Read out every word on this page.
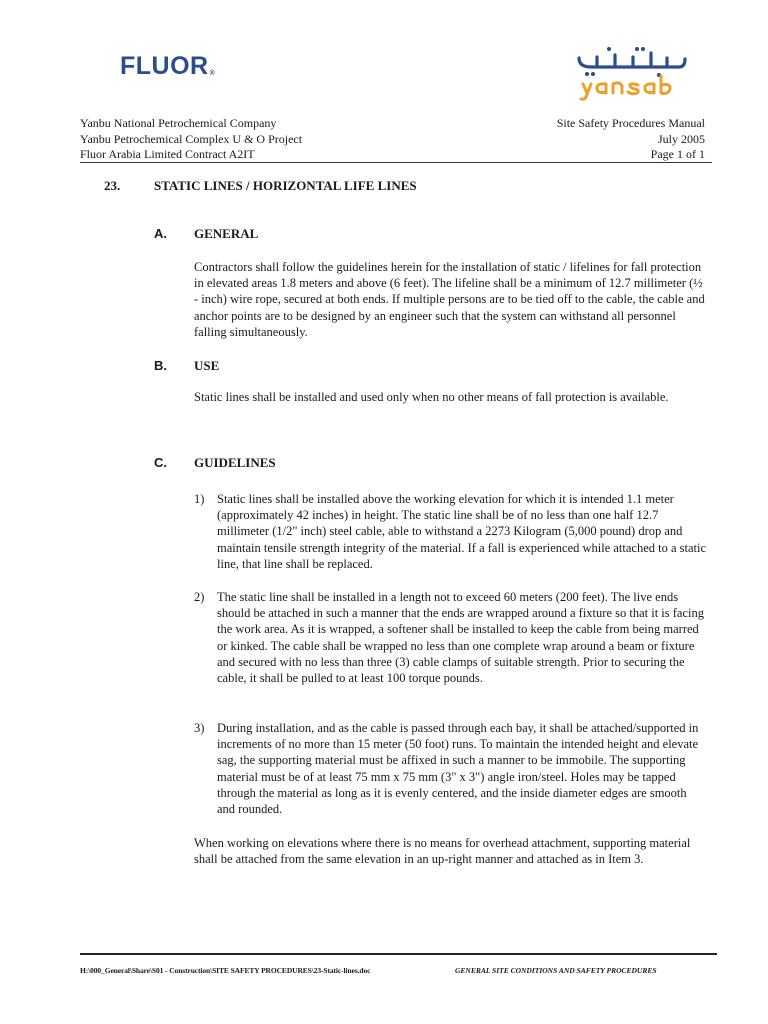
FLUOR®
Yanbu National Petrochemical Company
Yanbu Petrochemical Complex U & O Project
Fluor Arabia Limited Contract A2IT
Site Safety Procedures Manual
July 2005
Page 1 of 1
23.	STATIC LINES / HORIZONTAL LIFE LINES
A. GENERAL

Contractors shall follow the guidelines herein for the installation of static / lifelines for fall protection in elevated areas 1.8 meters and above (6 feet). The lifeline shall be a minimum of 12.7 millimeter (½ - inch) wire rope, secured at both ends. If multiple persons are to be tied off to the cable, the cable and anchor points are to be designed by an engineer such that the system can withstand all personnel falling simultaneously.

B. USE

Static lines shall be installed and used only when no other means of fall protection is available.

C. GUIDELINES
1) Static lines shall be installed above the working elevation for which it is intended 1.1 meter (approximately 42 inches) in height. The static line shall be of no less than one half 12.7 millimeter (1/2" inch) steel cable, able to withstand a 2273 Kilogram (5,000 pound) drop and maintain tensile strength integrity of the material. If a fall is experienced while attached to a static line, that line shall be replaced.

2) The static line shall be installed in a length not to exceed 60 meters (200 feet). The live ends should be attached in such a manner that the ends are wrapped around a fixture so that it is facing the work area. As it is wrapped, a softener shall be installed to keep the cable from being marred or kinked. The cable shall be wrapped no less than one complete wrap around a beam or fixture and secured with no less than three (3) cable clamps of suitable strength. Prior to securing the cable, it shall be pulled to at least 100 torque pounds.

3) During installation, and as the cable is passed through each bay, it shall be attached/supported in increments of no more than 15 meter (50 foot) runs. To maintain the intended height and elevate sag, the supporting material must be affixed in such a manner to be immobile. The supporting material must be of at least 75 mm x 75 mm (3" x 3") angle iron/steel. Holes may be tapped through the material as long as it is evenly centered, and the inside diameter edges are smooth and rounded.

When working on elevations where there is no means for overhead attachment, supporting material shall be attached from the same elevation in an up-right manner and attached as in Item 3.

H:\000_General\Share\S01 - Construction\SITE SAFETY PROCEDURES\23-Static-lines.doc	GENERAL SITE CONDITIONS AND SAFETY PROCEDURES
